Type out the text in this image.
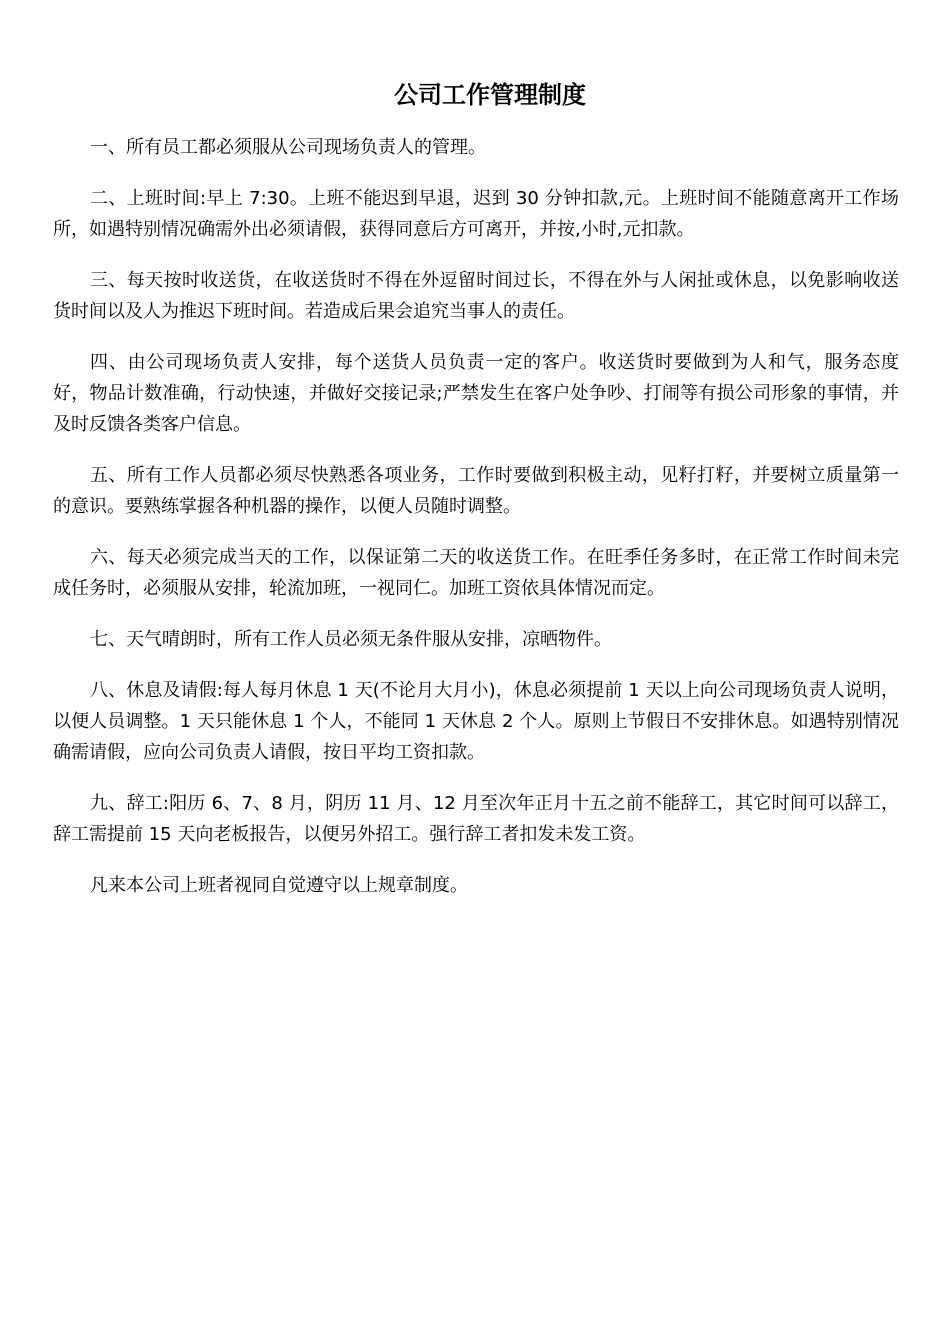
公司工作管理制度

一、所有员工都必须服从公司现场负责人的管理。

二、上班时间:早上 7:30。上班不能迟到早退，迟到 30 分钟扣款,元。上班时间不能随意离开工作场所，如遇特别情况确需外出必须请假，获得同意后方可离开，并按,小时,元扣款。

三、每天按时收送货，在收送货时不得在外逗留时间过长，不得在外与人闲扯或休息，以免影响收送货时间以及人为推迟下班时间。若造成后果会追究当事人的责任。

四、由公司现场负责人安排，每个送货人员负责一定的客户。收送货时要做到为人和气，服务态度好，物品计数准确，行动快速，并做好交接记录;严禁发生在客户处争吵、打闹等有损公司形象的事情，并及时反馈各类客户信息。

五、所有工作人员都必须尽快熟悉各项业务，工作时要做到积极主动，见籽打籽，并要树立质量第一的意识。要熟练掌握各种机器的操作，以便人员随时调整。

六、每天必须完成当天的工作，以保证第二天的收送货工作。在旺季任务多时，在正常工作时间未完成任务时，必须服从安排，轮流加班，一视同仁。加班工资依具体情况而定。

七、天气晴朗时，所有工作人员必须无条件服从安排，凉晒物件。

八、休息及请假:每人每月休息 1 天(不论月大月小)，休息必须提前 1 天以上向公司现场负责人说明，以便人员调整。1 天只能休息 1 个人，不能同 1 天休息 2 个人。原则上节假日不安排休息。如遇特别情况确需请假，应向公司负责人请假，按日平均工资扣款。

九、辞工:阳历 6、7、8 月，阴历 11 月、12 月至次年正月十五之前不能辞工，其它时间可以辞工，辞工需提前 15 天向老板报告，以便另外招工。强行辞工者扣发未发工资。

凡来本公司上班者视同自觉遵守以上规章制度。
